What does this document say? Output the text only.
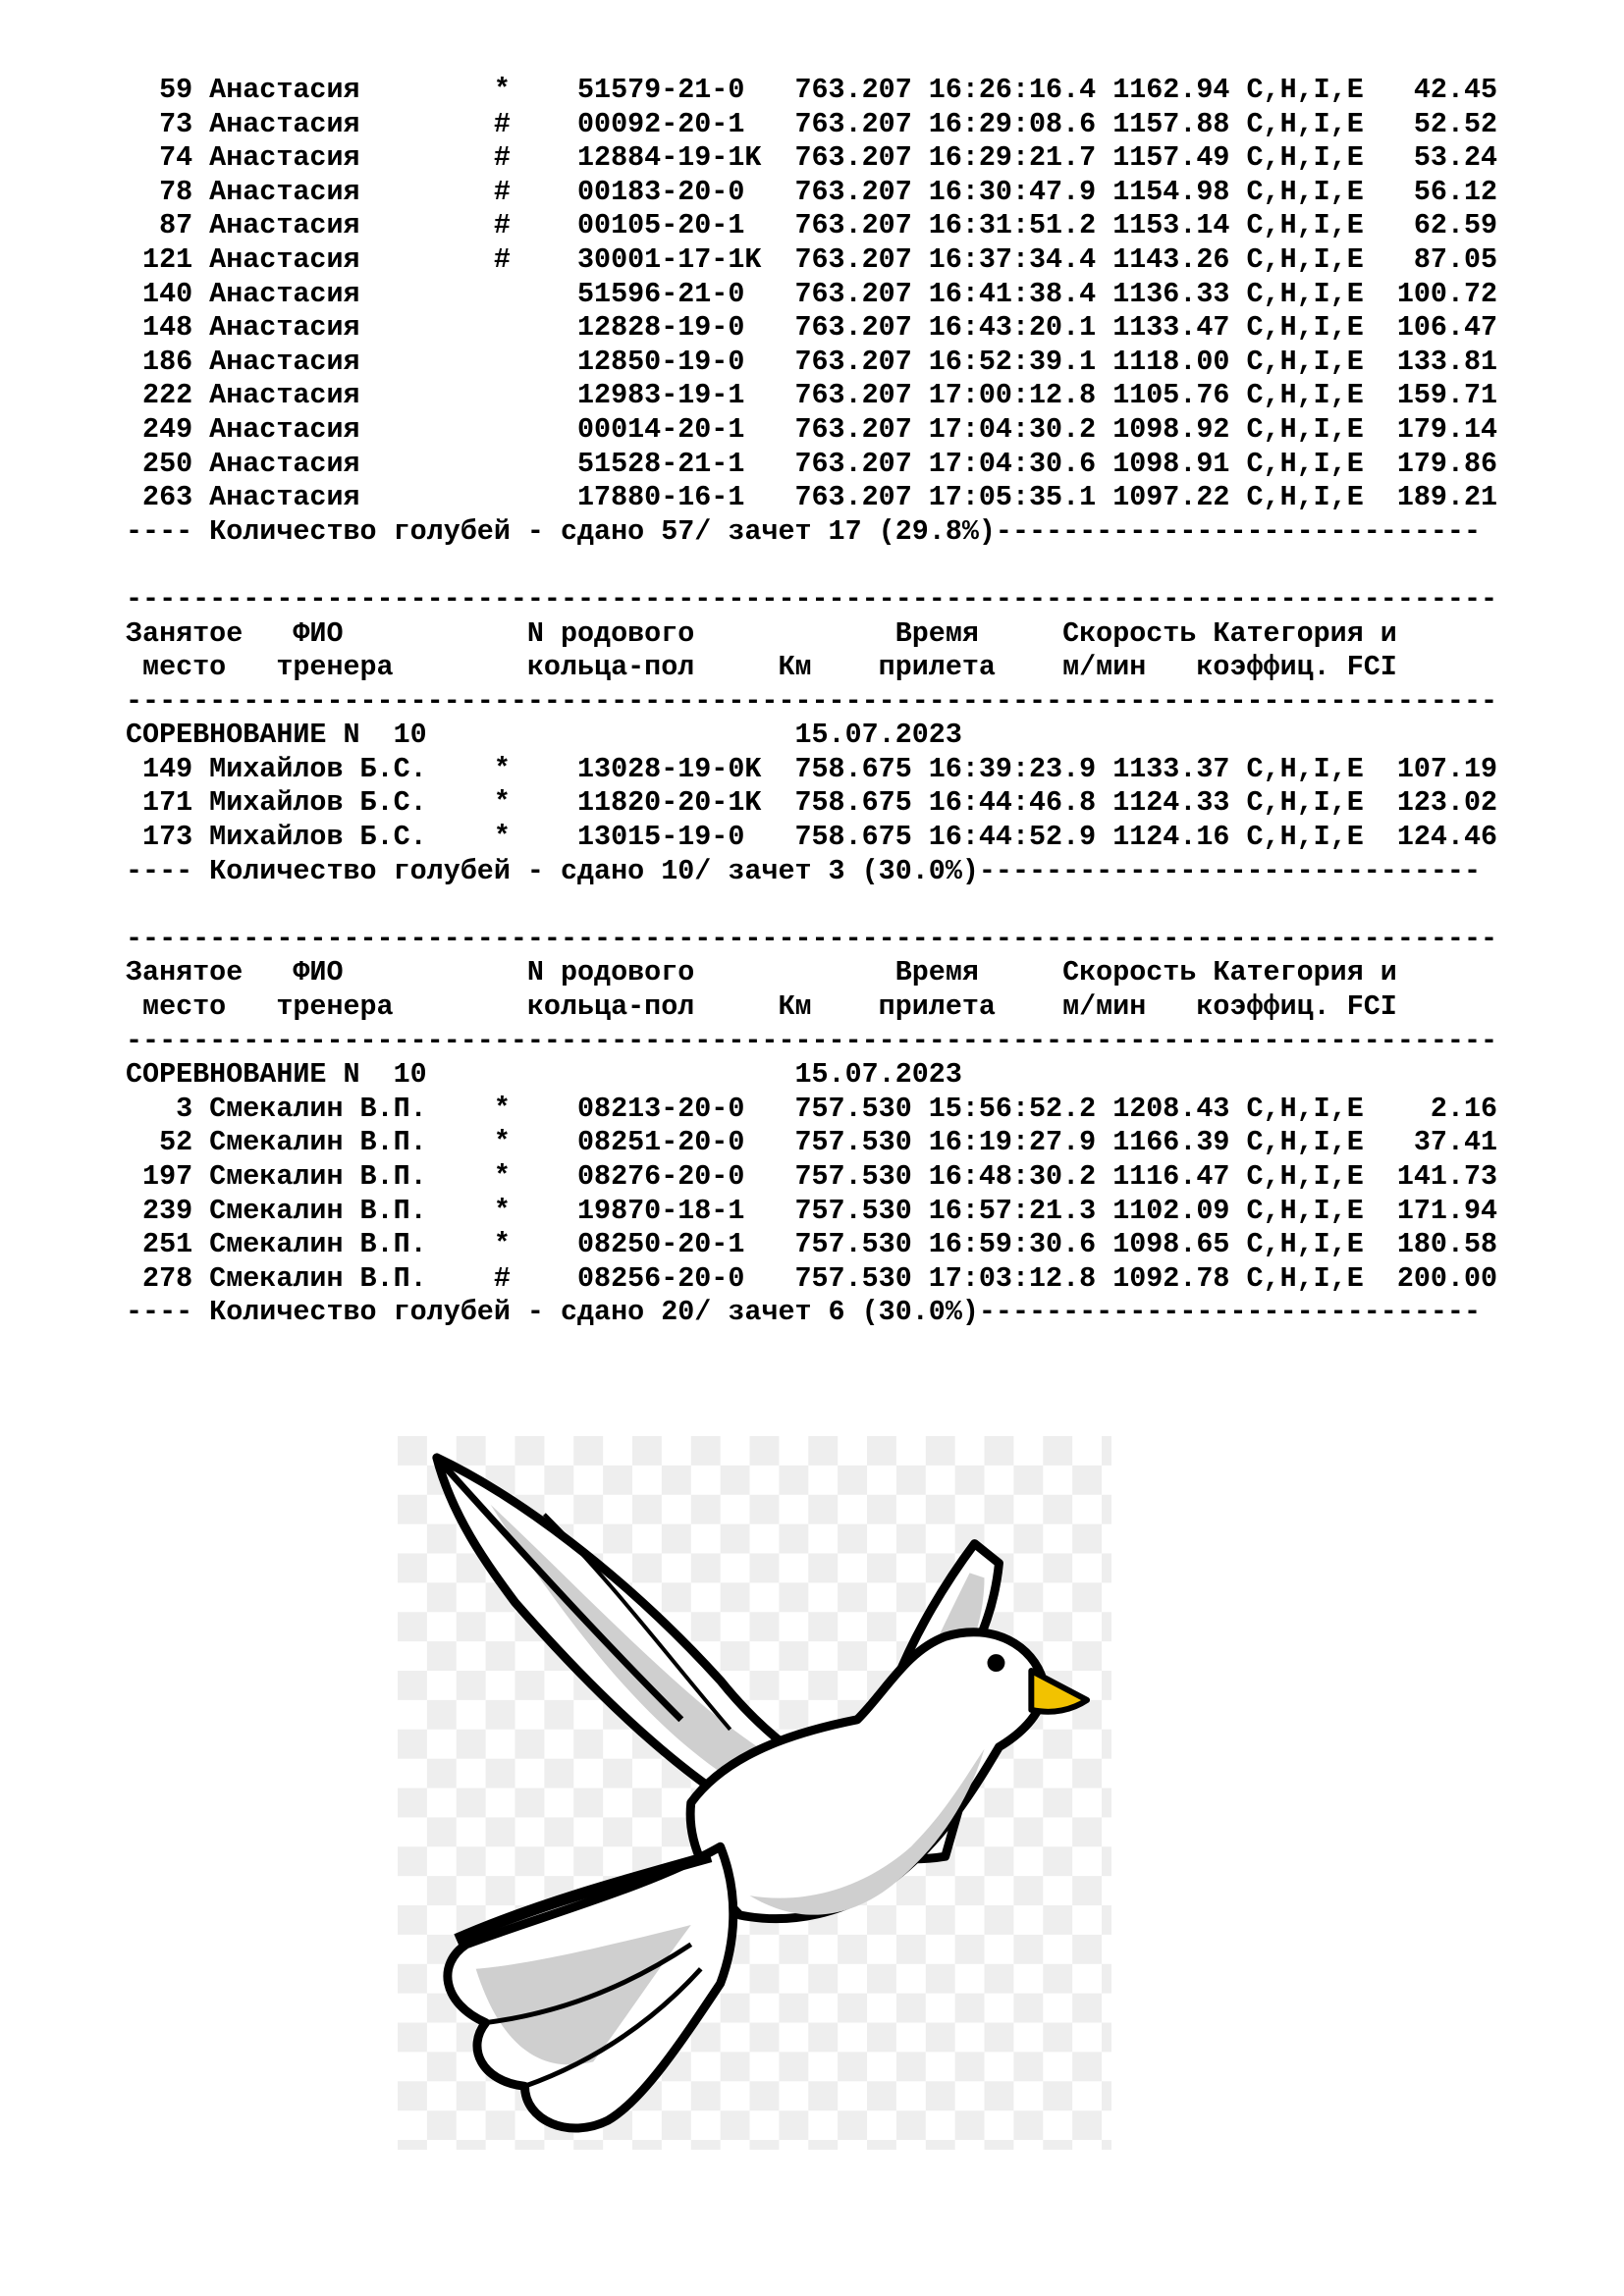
59 Анастасия        *    51579-21-0   763.207 16:26:16.4 1162.94 C,H,I,E   42.45
73 Анастасия        #    00092-20-1   763.207 16:29:08.6 1157.88 C,H,I,E   52.52
74 Анастасия        #    12884-19-1K  763.207 16:29:21.7 1157.49 C,H,I,E   53.24
78 Анастасия        #    00183-20-0   763.207 16:30:47.9 1154.98 C,H,I,E   56.12
87 Анастасия        #    00105-20-1   763.207 16:31:51.2 1153.14 C,H,I,E   62.59
121 Анастасия        #    30001-17-1K  763.207 16:37:34.4 1143.26 C,H,I,E   87.05
140 Анастасия             51596-21-0   763.207 16:41:38.4 1136.33 C,H,I,E  100.72
148 Анастасия             12828-19-0   763.207 16:43:20.1 1133.47 C,H,I,E  106.47
186 Анастасия             12850-19-0   763.207 16:52:39.1 1118.00 C,H,I,E  133.81
222 Анастасия             12983-19-1   763.207 17:00:12.8 1105.76 C,H,I,E  159.71
249 Анастасия             00014-20-1   763.207 17:04:30.2 1098.92 C,H,I,E  179.14
250 Анастасия             51528-21-1   763.207 17:04:30.6 1098.91 C,H,I,E  179.86
263 Анастасия             17880-16-1   763.207 17:05:35.1 1097.22 C,H,I,E  189.21
---- Количество голубей - сдано 57/ зачет 17 (29.8%)-----------------------------
----------------------------------------------------------------------------------
Занятое   ФИО           N родового            Время     Скорость Категория и
место   тренера        кольца-пол     Км    прилета    м/мин   коэффиц. FCI
----------------------------------------------------------------------------------
СОРЕВНОВАНИЕ N  10                      15.07.2023
149 Михайлов Б.С.    *    13028-19-0K  758.675 16:39:23.9 1133.37 C,H,I,E  107.19
171 Михайлов Б.С.    *    11820-20-1K  758.675 16:44:46.8 1124.33 C,H,I,E  123.02
173 Михайлов Б.С.    *    13015-19-0   758.675 16:44:52.9 1124.16 C,H,I,E  124.46
---- Количество голубей - сдано 10/ зачет 3 (30.0%)------------------------------
----------------------------------------------------------------------------------
Занятое   ФИО           N родового            Время     Скорость Категория и
место   тренера        кольца-пол     Км    прилета    м/мин   коэффиц. FCI
----------------------------------------------------------------------------------
СОРЕВНОВАНИЕ N  10                      15.07.2023
3 Смекалин В.П.    *    08213-20-0   757.530 15:56:52.2 1208.43 C,H,I,E    2.16
52 Смекалин В.П.    *    08251-20-0   757.530 16:19:27.9 1166.39 C,H,I,E   37.41
197 Смекалин В.П.    *    08276-20-0   757.530 16:48:30.2 1116.47 C,H,I,E  141.73
239 Смекалин В.П.    *    19870-18-1   757.530 16:57:21.3 1102.09 C,H,I,E  171.94
251 Смекалин В.П.    *    08250-20-1   757.530 16:59:30.6 1098.65 C,H,I,E  180.58
278 Смекалин В.П.    #    08256-20-0   757.530 17:03:12.8 1092.78 C,H,I,E  200.00
---- Количество голубей - сдано 20/ зачет 6 (30.0%)------------------------------
